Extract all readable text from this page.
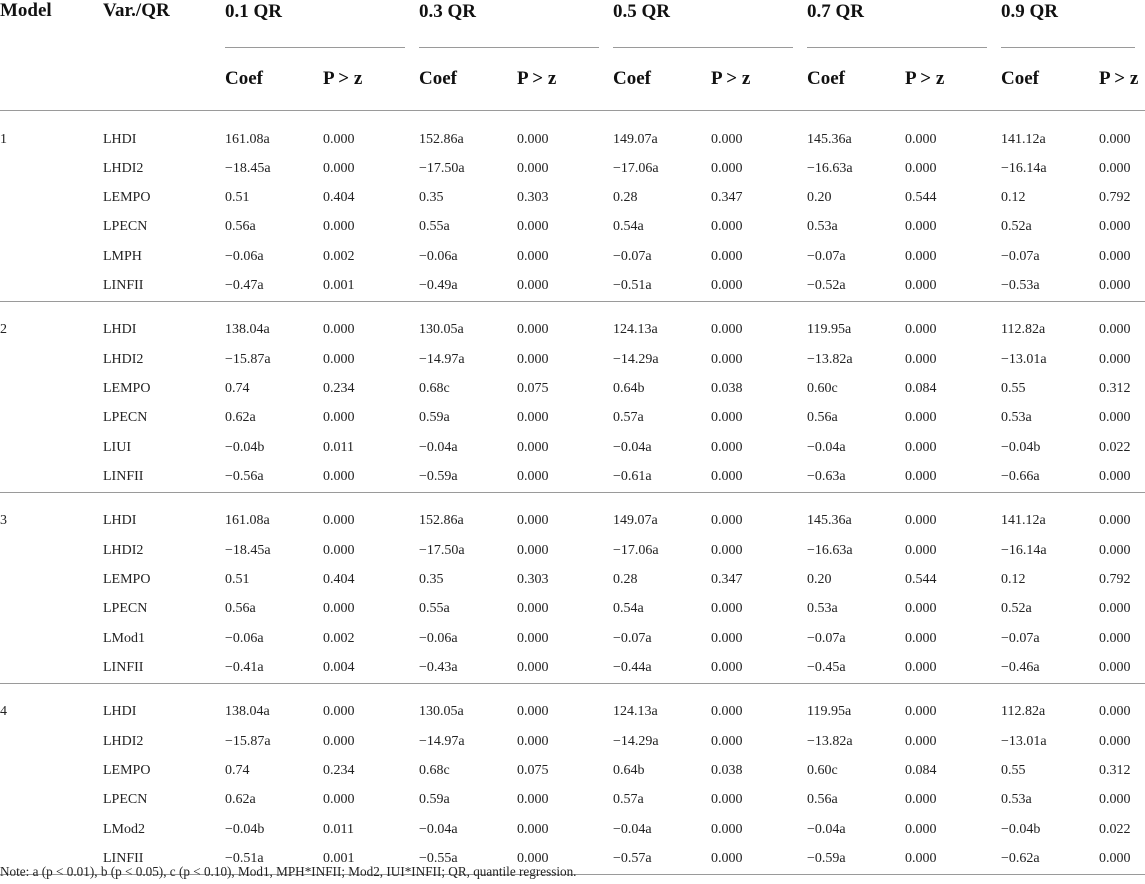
Model	Var./QR	0.1 QR		0.3 QR		0.5 QR		0.7 QR		0.9 QR	

		Coef	P > z	Coef	P > z	Coef	P > z	Coef	P > z	Coef	P > z
1	LHDI	161.08a	0.000	152.86a	0.000	149.07a	0.000	145.36a	0.000	141.12a	0.000
	LHDI2	−18.45a	0.000	−17.50a	0.000	−17.06a	0.000	−16.63a	0.000	−16.14a	0.000
	LEMPO	0.51	0.404	0.35	0.303	0.28	0.347	0.20	0.544	0.12	0.792
	LPECN	0.56a	0.000	0.55a	0.000	0.54a	0.000	0.53a	0.000	0.52a	0.000
	LMPH	−0.06a	0.002	−0.06a	0.000	−0.07a	0.000	−0.07a	0.000	−0.07a	0.000
	LINFII	−0.47a	0.001	−0.49a	0.000	−0.51a	0.000	−0.52a	0.000	−0.53a	0.000
2	LHDI	138.04a	0.000	130.05a	0.000	124.13a	0.000	119.95a	0.000	112.82a	0.000
	LHDI2	−15.87a	0.000	−14.97a	0.000	−14.29a	0.000	−13.82a	0.000	−13.01a	0.000
	LEMPO	0.74	0.234	0.68c	0.075	0.64b	0.038	0.60c	0.084	0.55	0.312
	LPECN	0.62a	0.000	0.59a	0.000	0.57a	0.000	0.56a	0.000	0.53a	0.000
	LIUI	−0.04b	0.011	−0.04a	0.000	−0.04a	0.000	−0.04a	0.000	−0.04b	0.022
	LINFII	−0.56a	0.000	−0.59a	0.000	−0.61a	0.000	−0.63a	0.000	−0.66a	0.000
3	LHDI	161.08a	0.000	152.86a	0.000	149.07a	0.000	145.36a	0.000	141.12a	0.000
	LHDI2	−18.45a	0.000	−17.50a	0.000	−17.06a	0.000	−16.63a	0.000	−16.14a	0.000
	LEMPO	0.51	0.404	0.35	0.303	0.28	0.347	0.20	0.544	0.12	0.792
	LPECN	0.56a	0.000	0.55a	0.000	0.54a	0.000	0.53a	0.000	0.52a	0.000
	LMod1	−0.06a	0.002	−0.06a	0.000	−0.07a	0.000	−0.07a	0.000	−0.07a	0.000
	LINFII	−0.41a	0.004	−0.43a	0.000	−0.44a	0.000	−0.45a	0.000	−0.46a	0.000
4	LHDI	138.04a	0.000	130.05a	0.000	124.13a	0.000	119.95a	0.000	112.82a	0.000
	LHDI2	−15.87a	0.000	−14.97a	0.000	−14.29a	0.000	−13.82a	0.000	−13.01a	0.000
	LEMPO	0.74	0.234	0.68c	0.075	0.64b	0.038	0.60c	0.084	0.55	0.312
	LPECN	0.62a	0.000	0.59a	0.000	0.57a	0.000	0.56a	0.000	0.53a	0.000
	LMod2	−0.04b	0.011	−0.04a	0.000	−0.04a	0.000	−0.04a	0.000	−0.04b	0.022
	LINFII	−0.51a	0.001	−0.55a	0.000	−0.57a	0.000	−0.59a	0.000	−0.62a	0.000
Note: a (p < 0.01), b (p < 0.05), c (p < 0.10), Mod1, MPH*INFII; Mod2, IUI*INFII; QR, quantile regression.
